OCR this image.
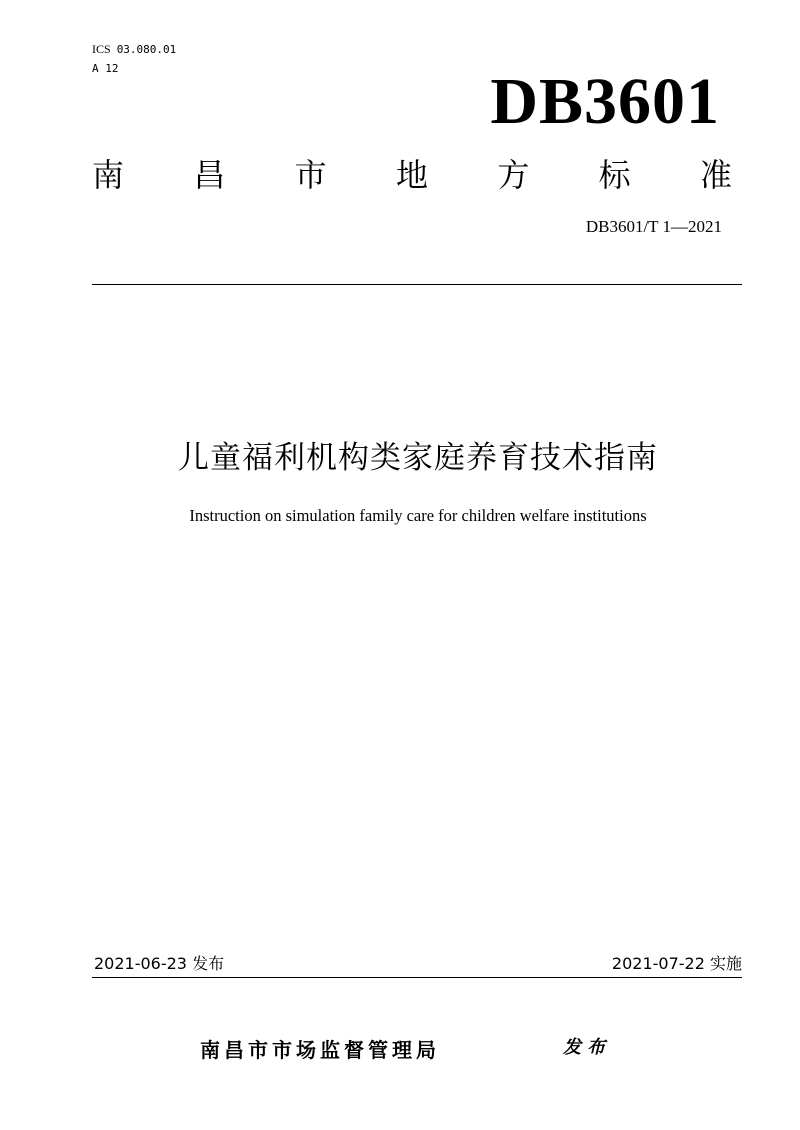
ICS 03.080.01
A 12	DB3601
南 昌 市 地 方 标 准
DB3601/T 1—2021
儿童福利机构类家庭养育技术指南
Instruction on simulation family care for children welfare institutions
2021-06-23 发布	2021-07-22 实施
南昌市市场监督管理局	发布
